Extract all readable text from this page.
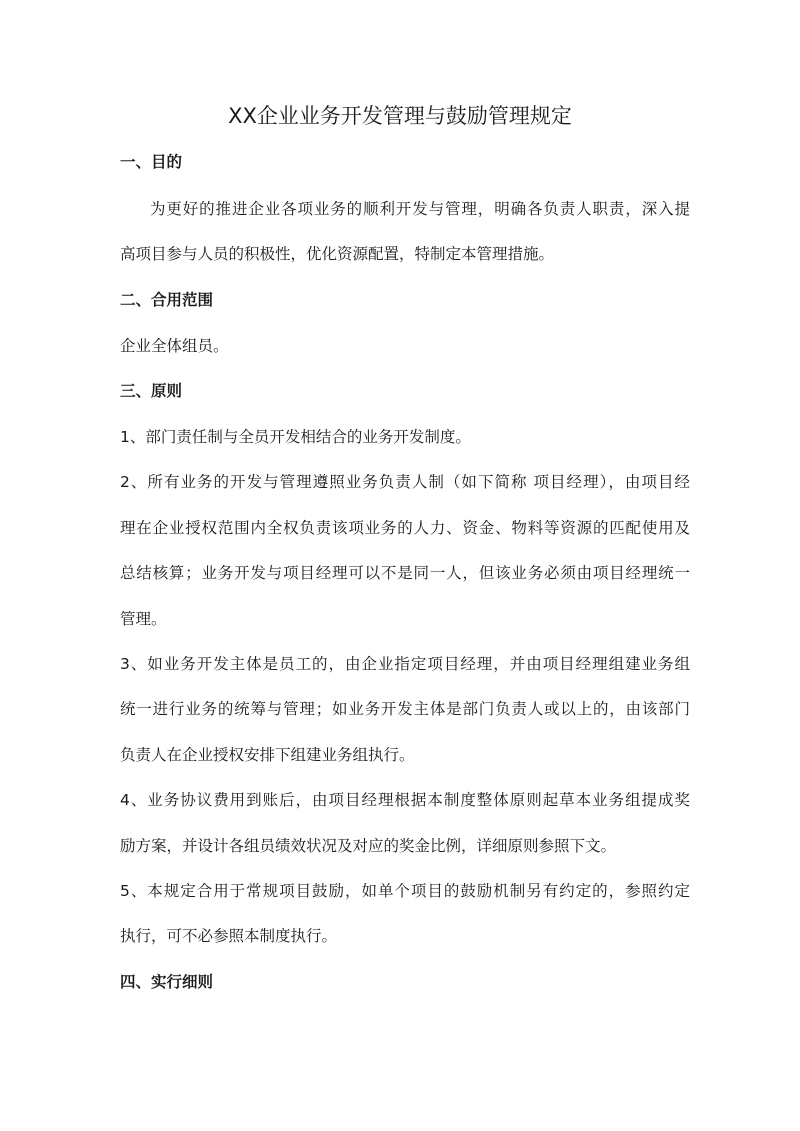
XX企业业务开发管理与鼓励管理规定

一、目的

为更好的推进企业各项业务的顺利开发与管理，明确各负责人职责，深入提

高项目参与人员的积极性，优化资源配置，特制定本管理措施。

二、合用范围

企业全体组员。

三、原则

1、部门责任制与全员开发相结合的业务开发制度。

2、所有业务的开发与管理遵照业务负责人制（如下简称 项目经理），由项目经

理在企业授权范围内全权负责该项业务的人力、资金、物料等资源的匹配使用及

总结核算；业务开发与项目经理可以不是同一人，但该业务必须由项目经理统一

管理。

3、如业务开发主体是员工的，由企业指定项目经理，并由项目经理组建业务组

统一进行业务的统筹与管理；如业务开发主体是部门负责人或以上的，由该部门

负责人在企业授权安排下组建业务组执行。

4、业务协议费用到账后，由项目经理根据本制度整体原则起草本业务组提成奖

励方案，并设计各组员绩效状况及对应的奖金比例，详细原则参照下文。

5、本规定合用于常规项目鼓励，如单个项目的鼓励机制另有约定的，参照约定

执行，可不必参照本制度执行。

四、实行细则
